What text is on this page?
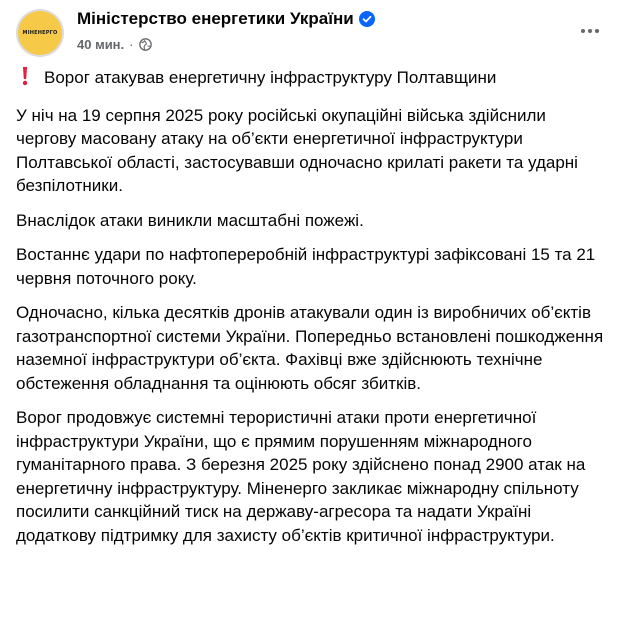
МІНЕНЕРГО
Міністерство енергетики України
40 мин. ·

Ворог атакував енергетичну інфраструктуру Полтавщини

У ніч на 19 серпня 2025 року російські окупаційні війська здійснили чергову масовану атаку на об’єкти енергетичної інфраструктури Полтавської області, застосувавши одночасно крилаті ракети та ударні безпілотники.

Внаслідок атаки виникли масштабні пожежі.

Востаннє удари по нафтопереробній інфраструктурі зафіксовані 15 та 21 червня поточного року.

Одночасно, кілька десятків дронів атакували один із виробничих об’єктів газотранспортної системи України. Попередньо встановлені пошкодження наземної інфраструктури об’єкта. Фахівці вже здійснюють технічне обстеження обладнання та оцінюють обсяг збитків.

Ворог продовжує системні терористичні атаки проти енергетичної інфраструктури України, що є прямим порушенням міжнародного гуманітарного права. З березня 2025 року здійснено понад 2900 атак на енергетичну інфраструктуру. Міненерго закликає міжнародну спільноту посилити санкційний тиск на державу-агресора та надати Україні додаткову підтримку для захисту об’єктів критичної інфраструктури.
